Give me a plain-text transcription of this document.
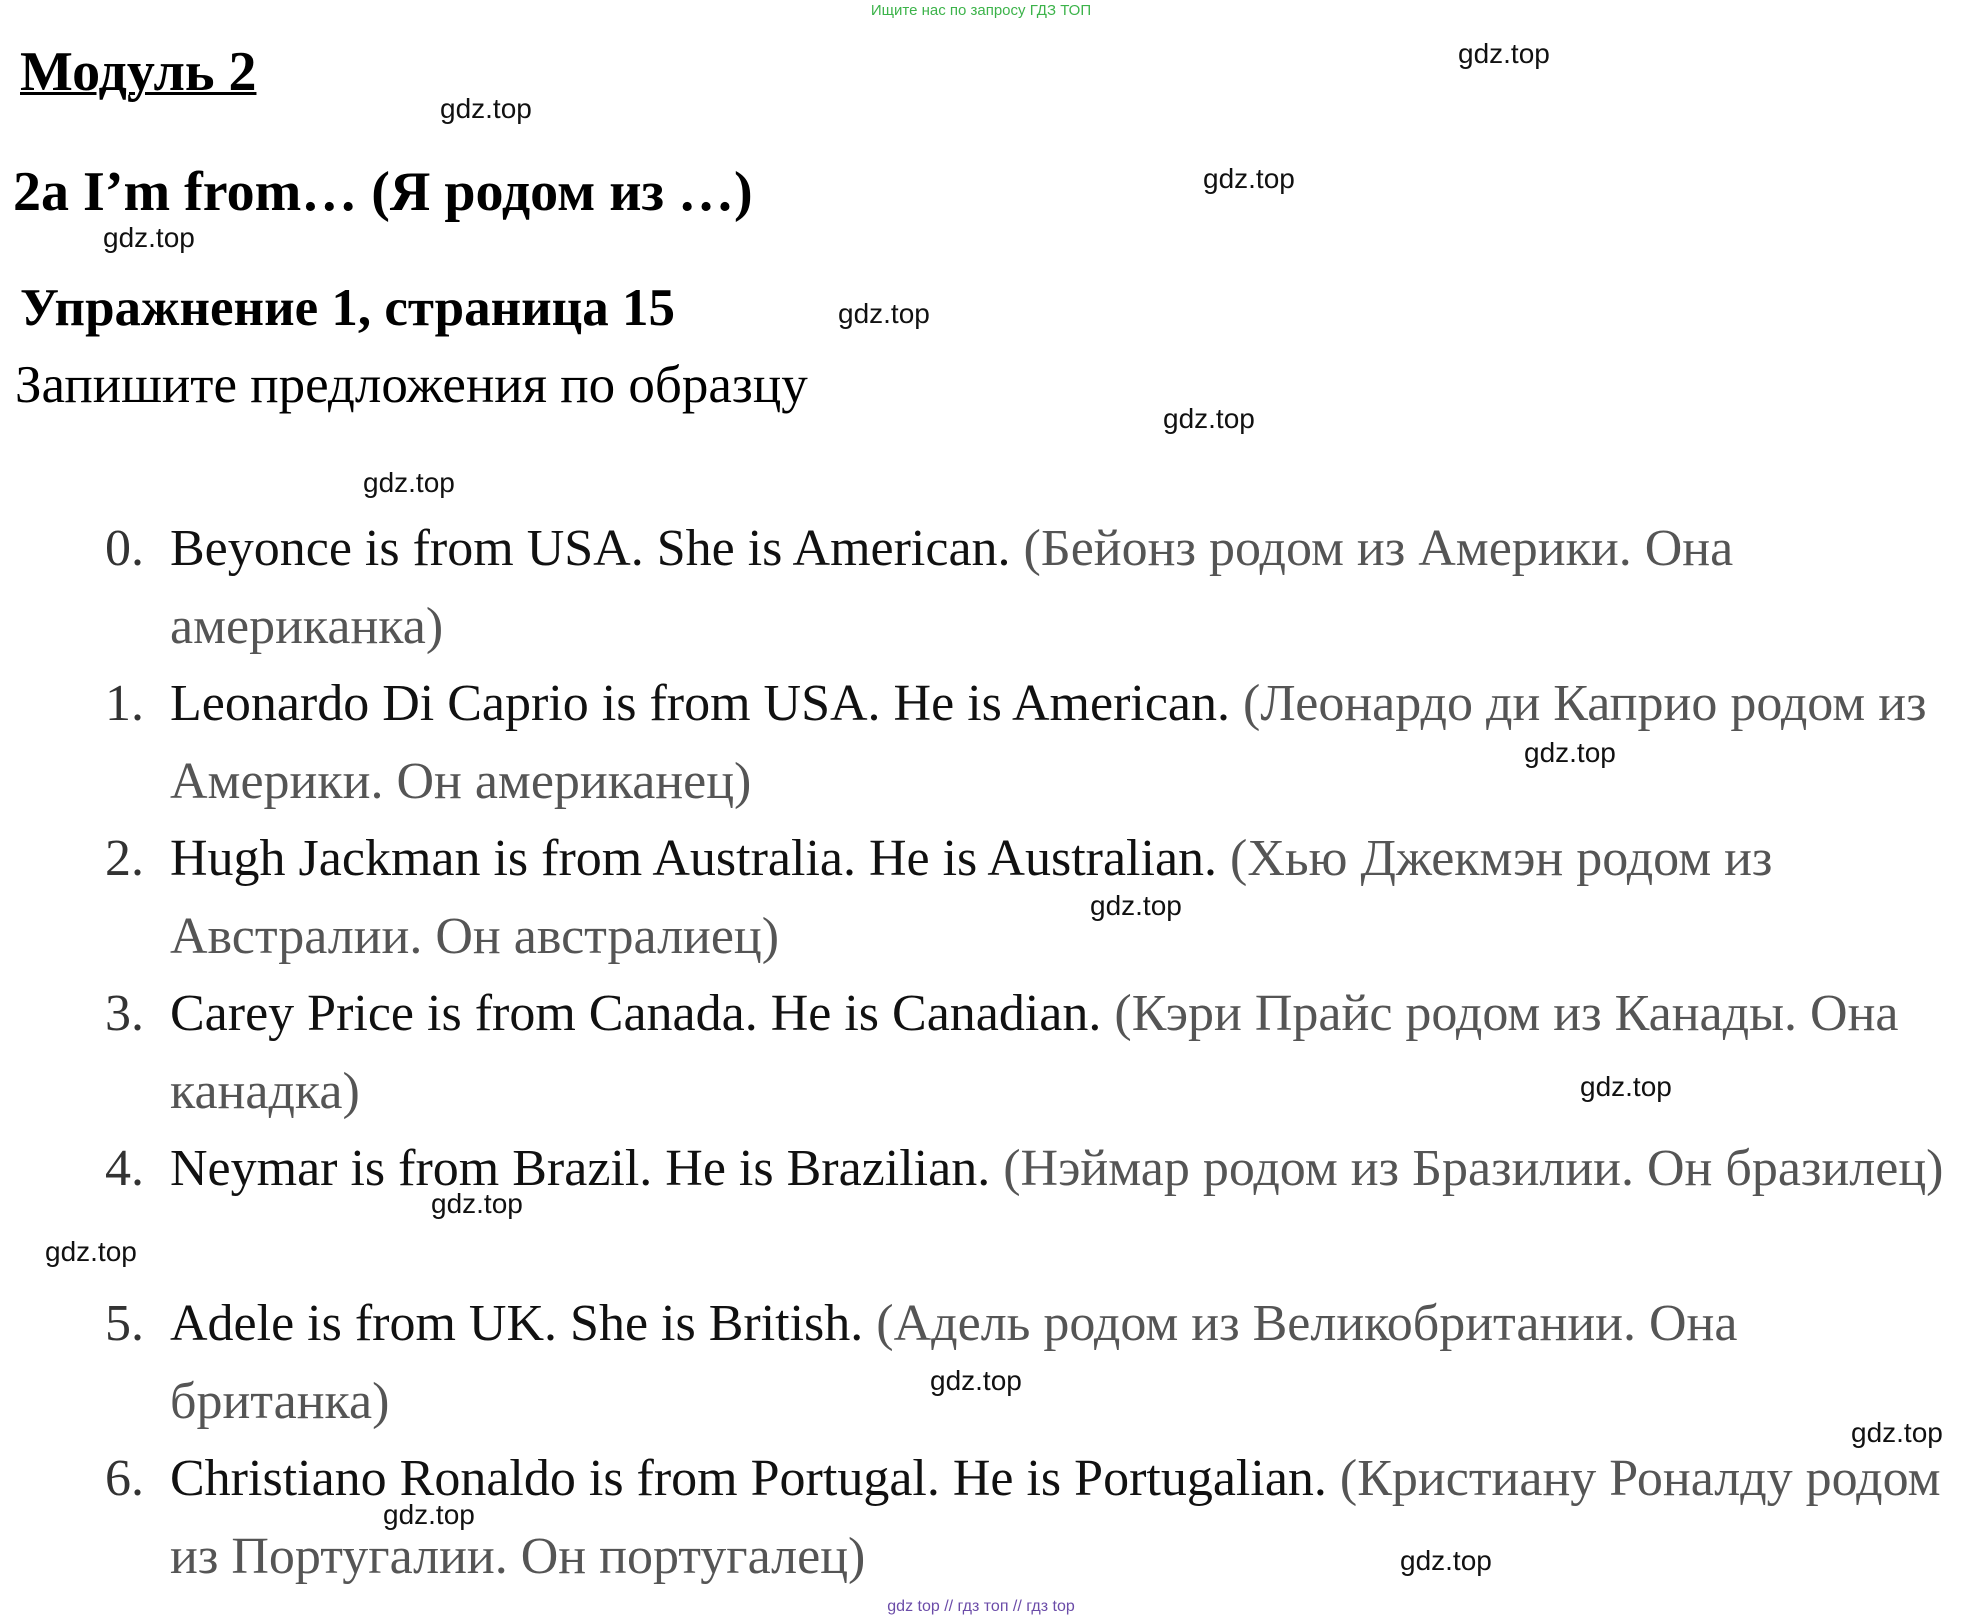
Ищите нас по запросу ГДЗ ТОП
Модуль 2
2a I’m from… (Я родом из …)
Упражнение 1, страница 15
Запишите предложения по образцу
0. Beyonce is from USA. She is American. (Бейонз родом из Америки. Она американка)
1. Leonardo Di Caprio is from USA. He is American. (Леонардо ди Каприо родом из Америки. Он американец)
2. Hugh Jackman is from Australia. He is Australian. (Хью Джекмэн родом из Австралии. Он австралиец)
3. Carey Price is from Canada. He is Canadian. (Кэри Прайс родом из Канады. Она канадка)
4. Neymar is from Brazil. He is Brazilian. (Нэймар родом из Бразилии. Он бразилец)
5. Adele is from UK. She is British. (Адель родом из Великобритании. Она британка)
6. Christiano Ronaldo is from Portugal. He is Portugalian. (Кристиану Роналду родом из Португалии. Он португалец)
gdz.top
gdz.top
gdz.top
gdz.top
gdz.top
gdz.top
gdz.top
gdz.top
gdz.top
gdz.top
gdz.top
gdz.top
gdz.top
gdz.top
gdz.top
gdz.top
gdz top // гдз топ // гдз top
